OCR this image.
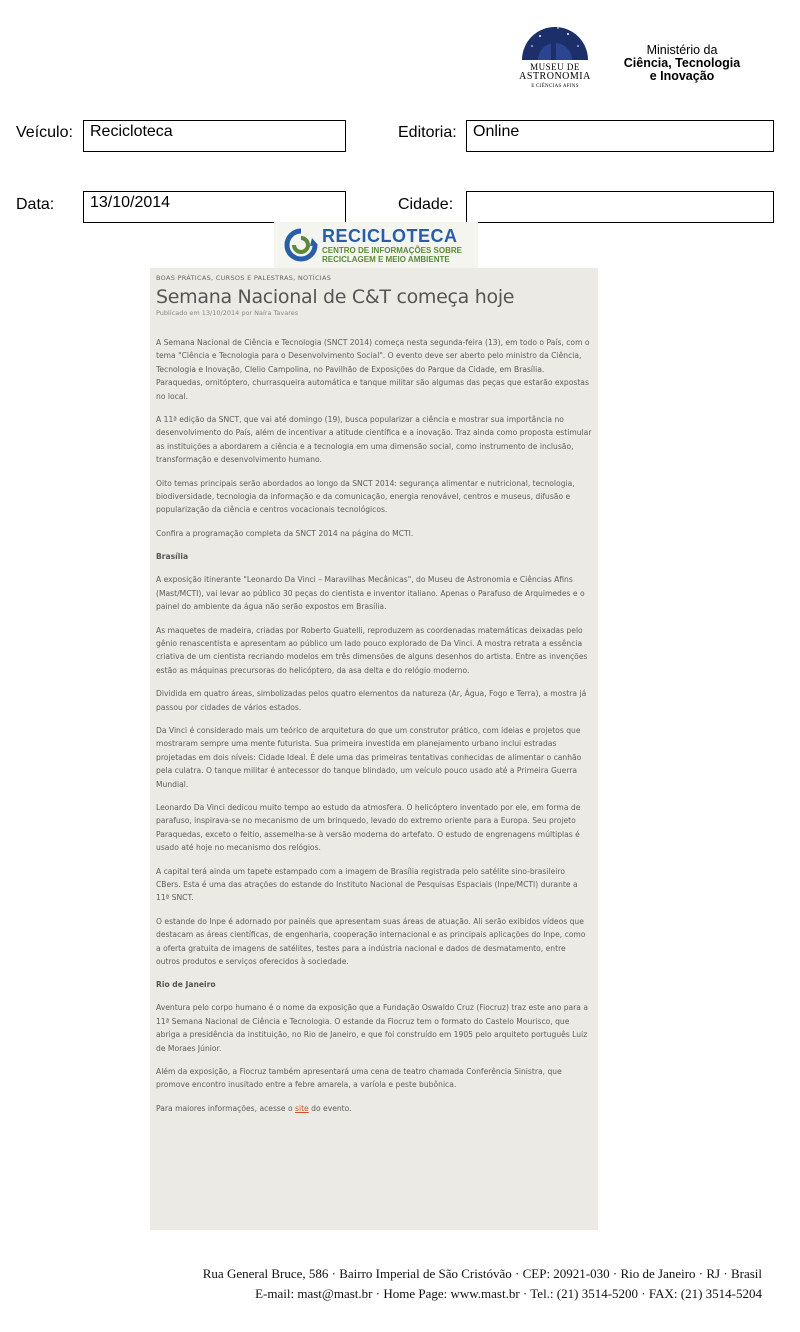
MUSEU DE
ASTRONOMIA
E CIÊNCIAS AFINS
Ministério da
Ciência, Tecnologia
e Inovação
Veículo:	Recicloteca	Editoria:	Online
Data:	13/10/2014	Cidade:
RECICLOTECA
CENTRO DE INFORMAÇÕES SOBRE
RECICLAGEM E MEIO AMBIENTE
BOAS PRÁTICAS, CURSOS E PALESTRAS, NOTÍCIAS
Semana Nacional de C&T começa hoje
Publicado em 13/10/2014 por Naíra Tavares

A Semana Nacional de Ciência e Tecnologia (SNCT 2014) começa nesta segunda-feira (13), em todo o País, com o tema "Ciência e Tecnologia para o Desenvolvimento Social". O evento deve ser aberto pelo ministro da Ciência, Tecnologia e Inovação, Clelio Campolina, no Pavilhão de Exposições do Parque da Cidade, em Brasília. Paraquedas, ornitóptero, churrasqueira automática e tanque militar são algumas das peças que estarão expostas no local.

A 11ª edição da SNCT, que vai até domingo (19), busca popularizar a ciência e mostrar sua importância no desenvolvimento do País, além de incentivar a atitude científica e a inovação. Traz ainda como proposta estimular as instituições a abordarem a ciência e a tecnologia em uma dimensão social, como instrumento de inclusão, transformação e desenvolvimento humano.

Oito temas principais serão abordados ao longo da SNCT 2014: segurança alimentar e nutricional, tecnologia, biodiversidade, tecnologia da informação e da comunicação, energia renovável, centros e museus, difusão e popularização da ciência e centros vocacionais tecnológicos.

Confira a programação completa da SNCT 2014 na página do MCTI.

Brasília

A exposição itinerante "Leonardo Da Vinci – Maravilhas Mecânicas", do Museu de Astronomia e Ciências Afins (Mast/MCTI), vai levar ao público 30 peças do cientista e inventor italiano. Apenas o Parafuso de Arquimedes e o painel do ambiente da água não serão expostos em Brasília.

As maquetes de madeira, criadas por Roberto Guatelli, reproduzem as coordenadas matemáticas deixadas pelo gênio renascentista e apresentam ao público um lado pouco explorado de Da Vinci. A mostra retrata a essência criativa de um cientista recriando modelos em três dimensões de alguns desenhos do artista. Entre as invenções estão as máquinas precursoras do helicóptero, da asa delta e do relógio moderno.

Dividida em quatro áreas, simbolizadas pelos quatro elementos da natureza (Ar, Água, Fogo e Terra), a mostra já passou por cidades de vários estados.

Da Vinci é considerado mais um teórico de arquitetura do que um construtor prático, com ideias e projetos que mostraram sempre uma mente futurista. Sua primeira investida em planejamento urbano inclui estradas projetadas em dois níveis: Cidade Ideal. É dele uma das primeiras tentativas conhecidas de alimentar o canhão pela culatra. O tanque militar é antecessor do tanque blindado, um veículo pouco usado até a Primeira Guerra Mundial.

Leonardo Da Vinci dedicou muito tempo ao estudo da atmosfera. O helicóptero inventado por ele, em forma de parafuso, inspirava-se no mecanismo de um brinquedo, levado do extremo oriente para a Europa. Seu projeto Paraquedas, exceto o feitio, assemelha-se à versão moderna do artefato. O estudo de engrenagens múltiplas é usado até hoje no mecanismo dos relógios.

A capital terá ainda um tapete estampado com a imagem de Brasília registrada pelo satélite sino-brasileiro CBers. Esta é uma das atrações do estande do Instituto Nacional de Pesquisas Espaciais (Inpe/MCTI) durante a 11ª SNCT.

O estande do Inpe é adornado por painéis que apresentam suas áreas de atuação. Ali serão exibidos vídeos que destacam as áreas científicas, de engenharia, cooperação internacional e as principais aplicações do Inpe, como a oferta gratuita de imagens de satélites, testes para a indústria nacional e dados de desmatamento, entre outros produtos e serviços oferecidos à sociedade.

Rio de Janeiro

Aventura pelo corpo humano é o nome da exposição que a Fundação Oswaldo Cruz (Fiocruz) traz este ano para a 11ª Semana Nacional de Ciência e Tecnologia. O estande da Fiocruz tem o formato do Castelo Mourisco, que abriga a presidência da instituição, no Rio de Janeiro, e que foi construído em 1905 pelo arquiteto português Luiz de Moraes Júnior.

Além da exposição, a Fiocruz também apresentará uma cena de teatro chamada Conferência Sinistra, que promove encontro inusitado entre a febre amarela, a varíola e peste bubônica.

Para maiores informações, acesse o site do evento.

Rua General Bruce, 586 · Bairro Imperial de São Cristóvão · CEP: 20921-030 · Rio de Janeiro · RJ · Brasil
E-mail: mast@mast.br · Home Page: www.mast.br · Tel.: (21) 3514-5200 · FAX: (21) 3514-5204
